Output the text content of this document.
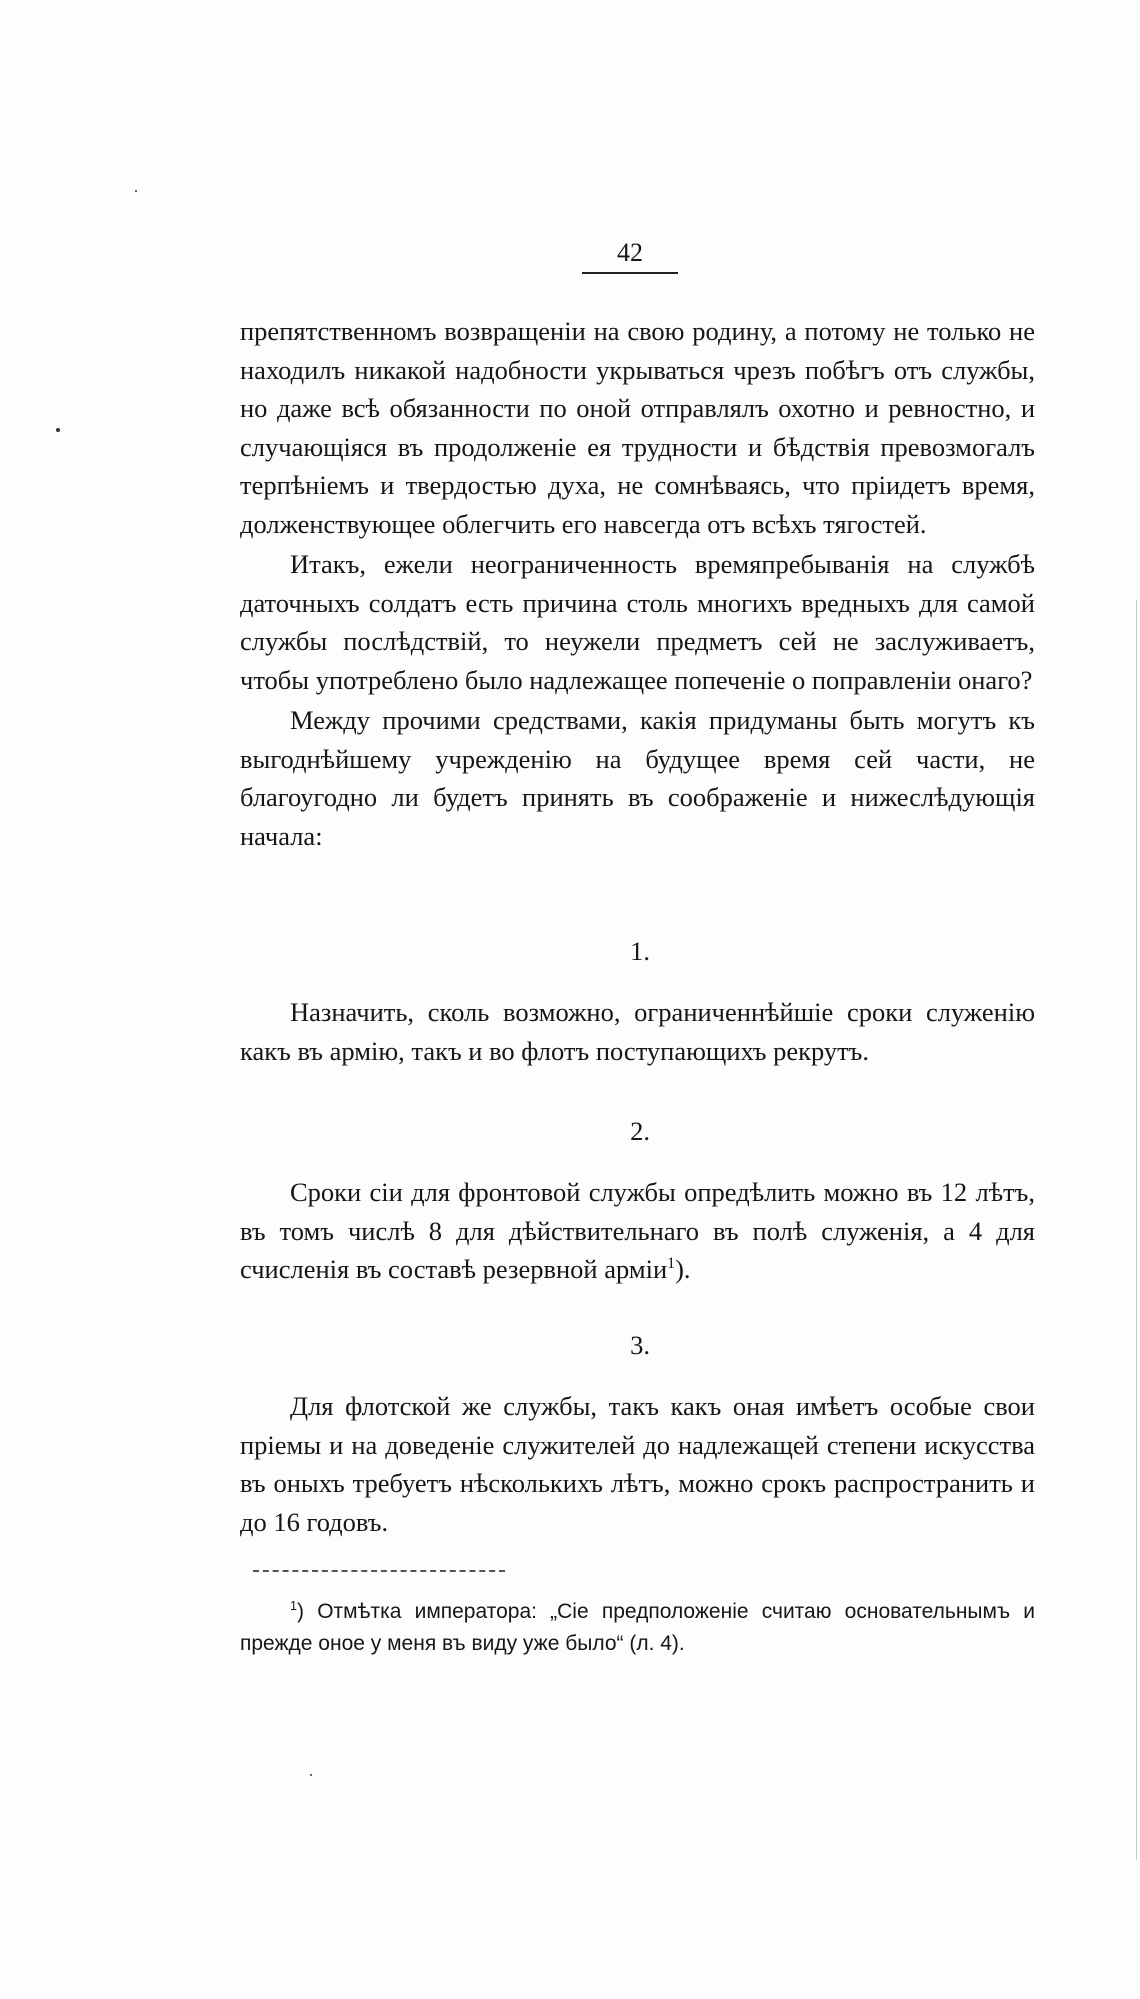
42

препятственномъ возвращеніи на свою родину, а потому не только не находилъ никакой надобности укрываться чрезъ побѣгъ отъ службы, но даже всѣ обязанности по оной отправлялъ охотно и ревностно, и случающіяся въ продолженіе ея трудности и бѣдствія превозмогалъ терпѣніемъ и твердостью духа, не сомнѣваясь, что пріидетъ время, долженствующее облегчить его навсегда отъ всѣхъ тягостей.

Итакъ, ежели неограниченность времяпребыванія на службѣ даточныхъ солдатъ есть причина столь многихъ вредныхъ для самой службы послѣдствій, то неужели предметъ сей не заслуживаетъ, чтобы употреблено было надлежащее попеченіе о поправленіи онаго?

Между прочими средствами, какія придуманы быть могутъ къ выгоднѣйшему учрежденію на будущее время сей части, не благоугодно ли будетъ принять въ соображеніе и нижеслѣдующія начала:

1.

Назначить, сколь возможно, ограниченнѣйшіе сроки служенію какъ въ армію, такъ и во флотъ поступающихъ рекрутъ.

2.

Сроки сіи для фронтовой службы опредѣлить можно въ 12 лѣтъ, въ томъ числѣ 8 для дѣйствительнаго въ полѣ служенія, а 4 для счисленія въ составѣ резервной арміи$^1$).

3.

Для флотской же службы, такъ какъ оная имѣетъ особые свои пріемы и на доведеніе служителей до надлежащей степени искусства въ оныхъ требуетъ нѣсколькихъ лѣтъ, можно срокъ распространить и до 16 годовъ.

$^1$) Отмѣтка императора: „Сіе предположеніе считаю основательнымъ и прежде оное у меня въ виду уже было“ (л. 4).
